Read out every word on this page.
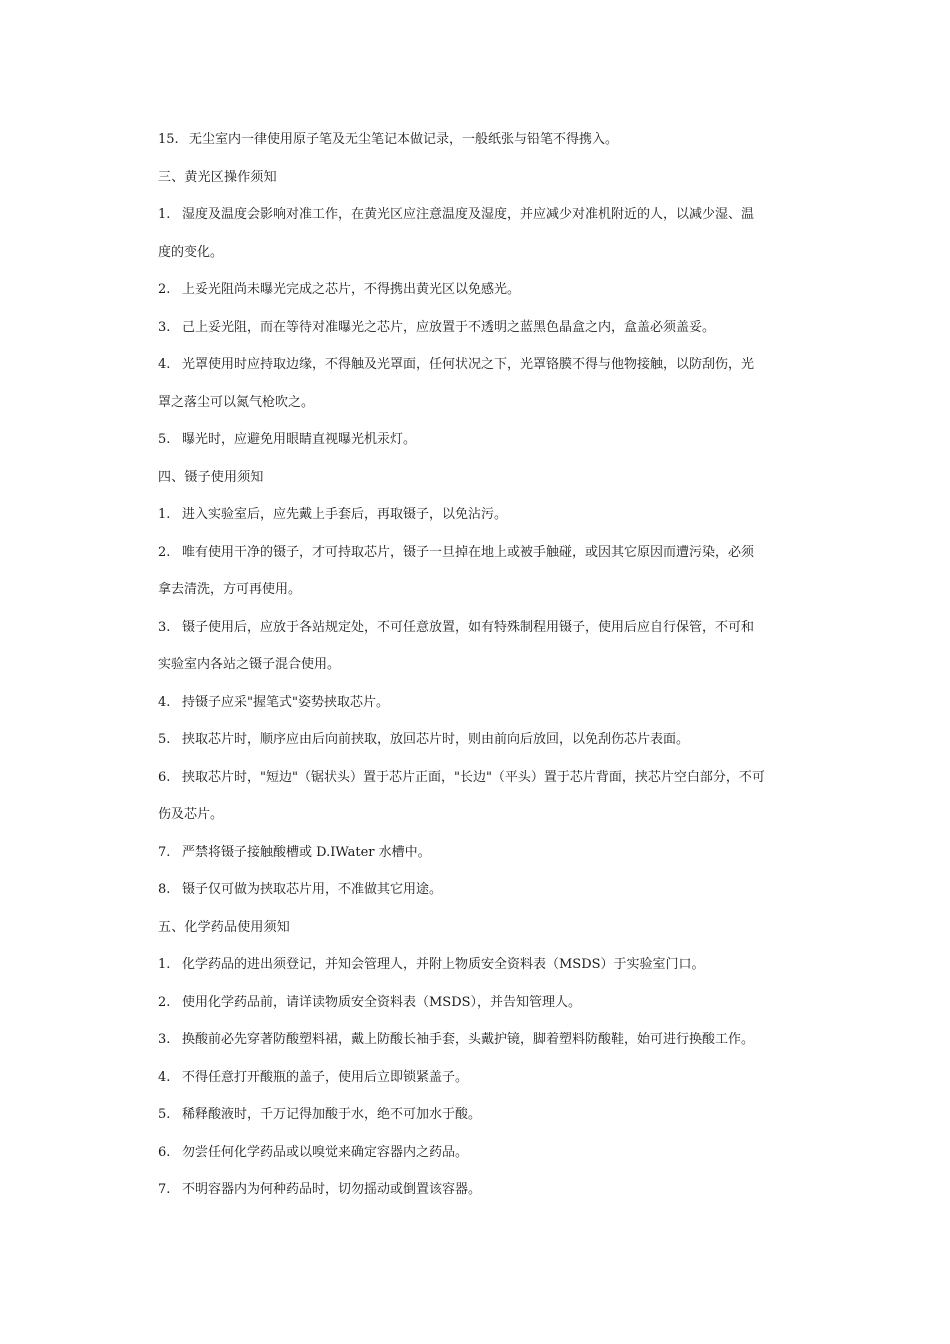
15. 无尘室内一律使用原子笔及无尘笔记本做记录，一般纸张与铅笔不得携入。
三、黄光区操作须知
1. 湿度及温度会影响对准工作，在黄光区应注意温度及湿度，并应减少对准机附近的人，以减少湿、温
度的变化。
2. 上妥光阻尚未曝光完成之芯片，不得携出黄光区以免感光。
3. 己上妥光阻，而在等待对准曝光之芯片，应放置于不透明之蓝黑色晶盒之内，盒盖必须盖妥。
4. 光罩使用时应持取边缘，不得触及光罩面，任何状况之下，光罩铬膜不得与他物接触，以防刮伤，光
罩之落尘可以氮气枪吹之。
5. 曝光时，应避免用眼睛直视曝光机汞灯。
四、镊子使用须知
1. 进入实验室后，应先戴上手套后，再取镊子，以免沾污。
2. 唯有使用干净的镊子，才可持取芯片，镊子一旦掉在地上或被手触碰，或因其它原因而遭污染，必须
拿去清洗，方可再使用。
3. 镊子使用后，应放于各站规定处，不可任意放置，如有特殊制程用镊子，使用后应自行保管，不可和
实验室内各站之镊子混合使用。
4. 持镊子应采"握笔式"姿势挟取芯片。
5. 挟取芯片时，顺序应由后向前挟取，放回芯片时，则由前向后放回，以免刮伤芯片表面。
6. 挟取芯片时，"短边"（锯状头）置于芯片正面，"长边"（平头）置于芯片背面，挟芯片空白部分，不可
伤及芯片。
7. 严禁将镊子接触酸槽或 D.IWater 水槽中。
8. 镊子仅可做为挟取芯片用，不准做其它用途。
五、化学药品使用须知
1. 化学药品的进出须登记，并知会管理人，并附上物质安全资料表（MSDS）于实验室门口。
2. 使用化学药品前，请详读物质安全资料表（MSDS），并告知管理人。
3. 换酸前必先穿著防酸塑料裙，戴上防酸长袖手套，头戴护镜，脚着塑料防酸鞋，始可进行换酸工作。
4. 不得任意打开酸瓶的盖子，使用后立即锁紧盖子。
5. 稀释酸液时，千万记得加酸于水，绝不可加水于酸。
6. 勿尝任何化学药品或以嗅觉来确定容器内之药品。
7. 不明容器内为何种药品时，切勿摇动或倒置该容器。
